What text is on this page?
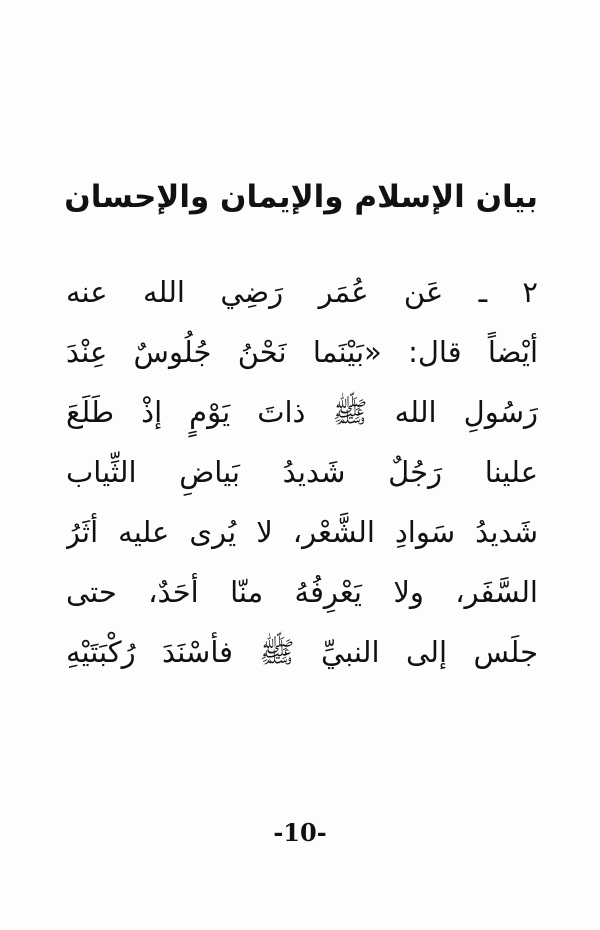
بيان الإسلام والإيمان والإحسان
٢ ـ عَن عُمَر رَضِي الله عنه
أيْضاً قال: «بَيْنَما نَحْنُ جُلُوسٌ عِنْدَ
رَسُولِ الله ﷺ ذاتَ يَوْمٍ إذْ طَلَعَ
علينا رَجُلٌ شَديدُ بَياضِ الثِّياب
شَديدُ سَوادِ الشَّعْر، لا يُرى عليه أثَرُ
السَّفَر، ولا يَعْرِفُهُ منّا أحَدٌ، حتى
جلَس إلى النبيِّ ﷺ فأسْنَدَ رُكْبَتَيْهِ
-10-
